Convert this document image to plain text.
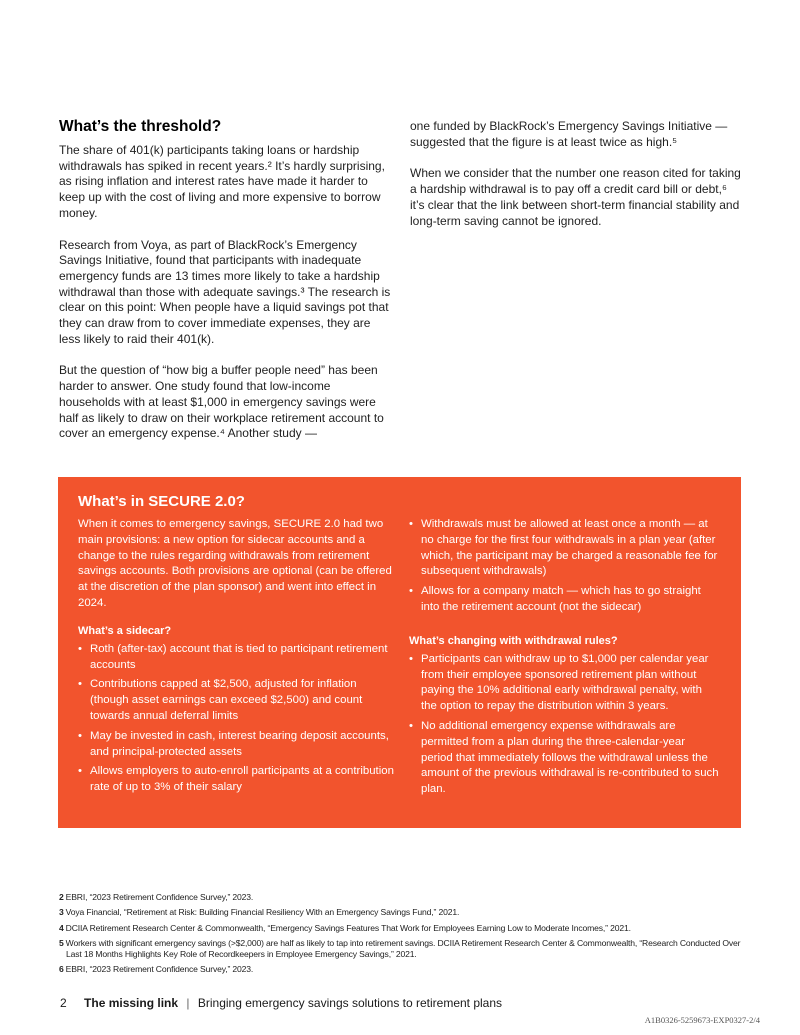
What’s the threshold?

The share of 401(k) participants taking loans or hardship withdrawals has spiked in recent years.² It’s hardly surprising, as rising inflation and interest rates have made it harder to keep up with the cost of living and more expensive to borrow money.

Research from Voya, as part of BlackRock’s Emergency Savings Initiative, found that participants with inadequate emergency funds are 13 times more likely to take a hardship withdrawal than those with adequate savings.³ The research is clear on this point: When people have a liquid savings pot that they can draw from to cover immediate expenses, they are less likely to raid their 401(k).

But the question of “how big a buffer people need” has been harder to answer. One study found that low-income households with at least $1,000 in emergency savings were half as likely to draw on their workplace retirement account to cover an emergency expense.⁴ Another study —

one funded by BlackRock’s Emergency Savings Initiative — suggested that the figure is at least twice as high.⁵

When we consider that the number one reason cited for taking a hardship withdrawal is to pay off a credit card bill or debt,⁶ it’s clear that the link between short-term financial stability and long-term saving cannot be ignored.

What’s in SECURE 2.0?

When it comes to emergency savings, SECURE 2.0 had two main provisions: a new option for sidecar accounts and a change to the rules regarding withdrawals from retirement savings accounts. Both provisions are optional (can be offered at the discretion of the plan sponsor) and went into effect in 2024.

What’s a sidecar?

• Roth (after-tax) account that is tied to participant retirement accounts
• Contributions capped at $2,500, adjusted for inflation (though asset earnings can exceed $2,500) and count towards annual deferral limits
• May be invested in cash, interest bearing deposit accounts, and principal-protected assets
• Allows employers to auto-enroll participants at a contribution rate of up to 3% of their salary
• Withdrawals must be allowed at least once a month — at no charge for the first four withdrawals in a plan year (after which, the participant may be charged a reasonable fee for subsequent withdrawals)
• Allows for a company match — which has to go straight into the retirement account (not the sidecar)

What’s changing with withdrawal rules?

• Participants can withdraw up to $1,000 per calendar year from their employee sponsored retirement plan without paying the 10% additional early withdrawal penalty, with the option to repay the distribution within 3 years.
• No additional emergency expense withdrawals are permitted from a plan during the three-calendar-year period that immediately follows the withdrawal unless the amount of the previous withdrawal is re-contributed to such plan.

2 EBRI, “2023 Retirement Confidence Survey,” 2023.

3 Voya Financial, “Retirement at Risk: Building Financial Resiliency With an Emergency Savings Fund,” 2021.

4 DCIIA Retirement Research Center & Commonwealth, “Emergency Savings Features That Work for Employees Earning Low to Moderate Incomes,” 2021.

5 Workers with significant emergency savings (>$2,000) are half as likely to tap into retirement savings. DCIIA Retirement Research Center & Commonwealth, “Research Conducted Over
Last 18 Months Highlights Key Role of Recordkeepers in Employee Emergency Savings,” 2021.

6 EBRI, “2023 Retirement Confidence Survey,” 2023.

2 The missing link | Bringing emergency savings solutions to retirement plans
A1B0326-5259673-EXP0327-2/4
